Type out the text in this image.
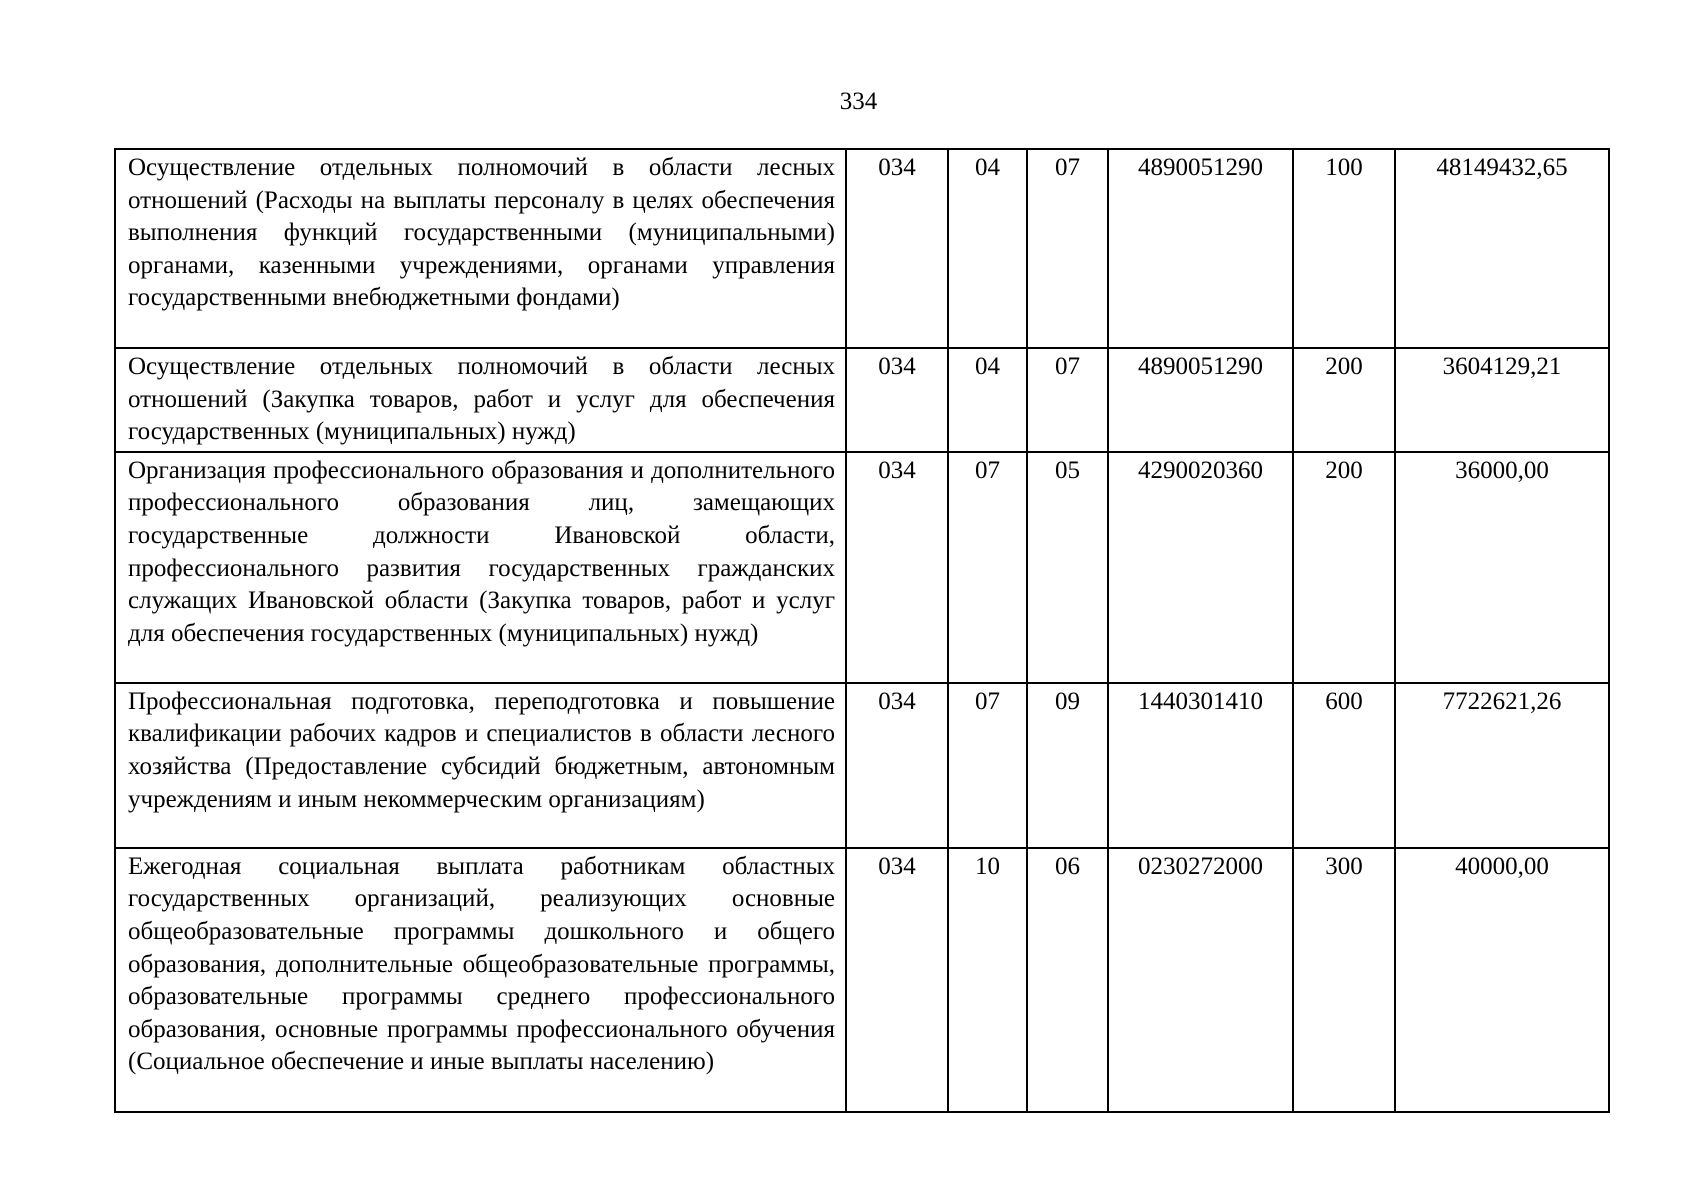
334
Осуществление отдельных полномочий в области лесных отношений (Расходы на выплаты персоналу в целях обеспечения выполнения функций государственными (муниципальными) органами, казенными учреждениями, органами управления государственными внебюджетными фондами)	034	04	07	4890051290	100	48149432,65
Осуществление отдельных полномочий в области лесных отношений (Закупка товаров, работ и услуг для обеспечения государственных (муниципальных) нужд)	034	04	07	4890051290	200	3604129,21
Организация профессионального образования и дополнительного профессионального образования лиц, замещающих государственные должности Ивановской области, профессионального развития государственных гражданских служащих Ивановской области (Закупка товаров, работ и услуг для обеспечения государственных (муниципальных) нужд)	034	07	05	4290020360	200	36000,00
Профессиональная подготовка, переподготовка и повышение квалификации рабочих кадров и специалистов в области лесного хозяйства (Предоставление субсидий бюджетным, автономным учреждениям и иным некоммерческим организациям)	034	07	09	1440301410	600	7722621,26
Ежегодная социальная выплата работникам областных государственных организаций, реализующих основные общеобразовательные программы дошкольного и общего образования, дополнительные общеобразовательные программы, образовательные программы среднего профессионального образования, основные программы профессионального обучения (Социальное обеспечение и иные выплаты населению)	034	10	06	0230272000	300	40000,00
